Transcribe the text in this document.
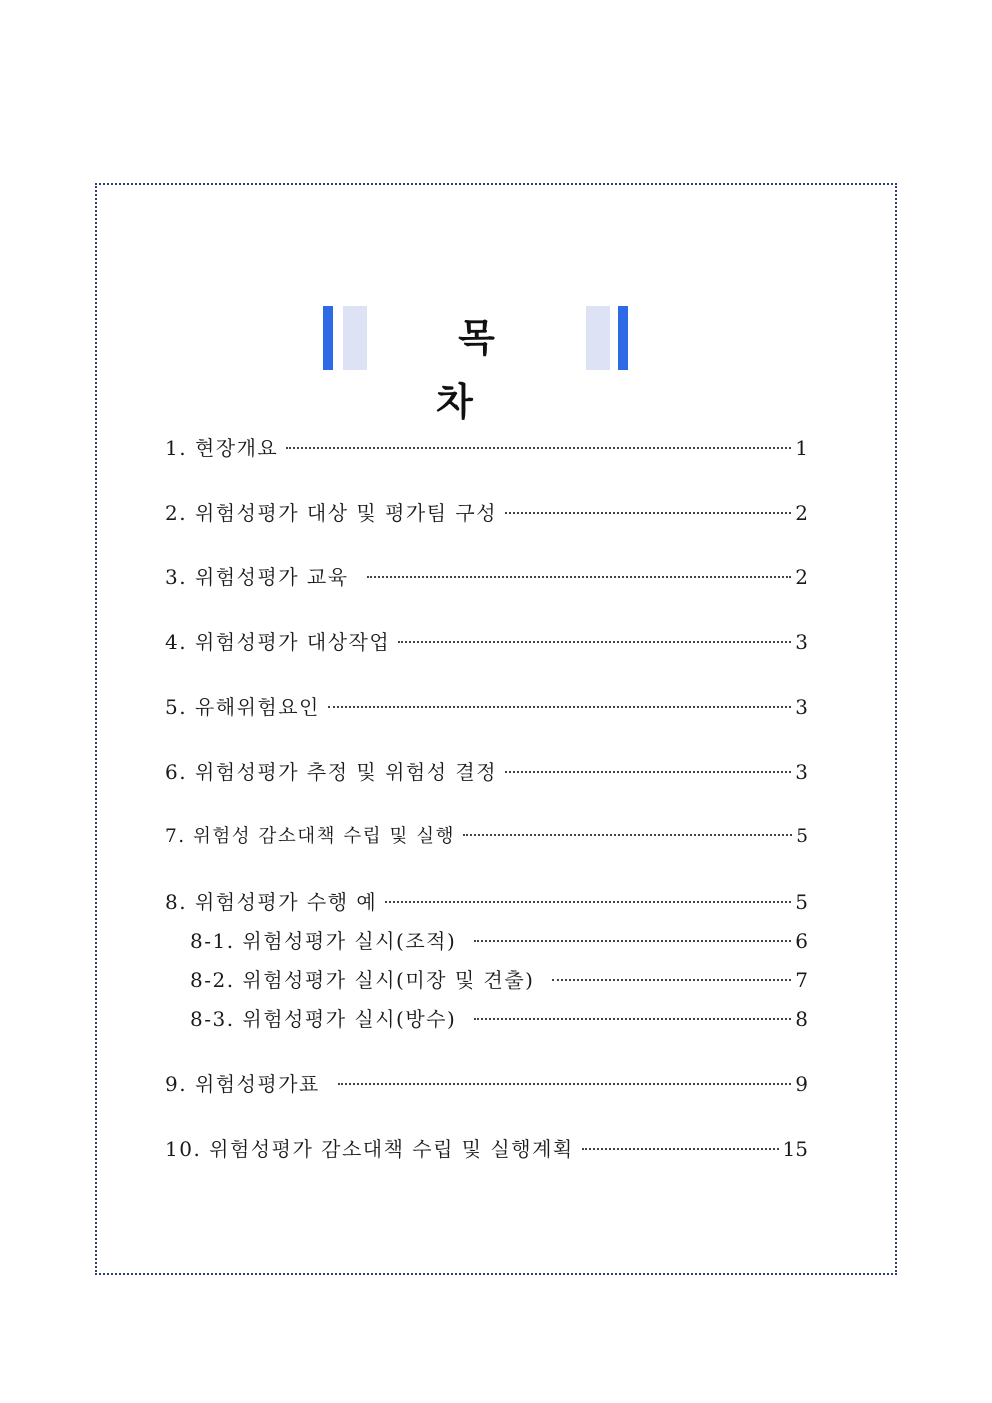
목 차
1. 현장개요	1
2. 위험성평가 대상 및 평가팀 구성	2
3. 위험성평가 교육	2
4. 위험성평가 대상작업	3
5. 유해위험요인	3
6. 위험성평가 추정 및 위험성 결정	3
7. 위험성 감소대책 수립 및 실행	5
8. 위험성평가 수행 예	5
8-1. 위험성평가 실시(조적)	6
8-2. 위험성평가 실시(미장 및 견출)	7
8-3. 위험성평가 실시(방수)	8
9. 위험성평가표	9
10. 위험성평가 감소대책 수립 및 실행계획	15
